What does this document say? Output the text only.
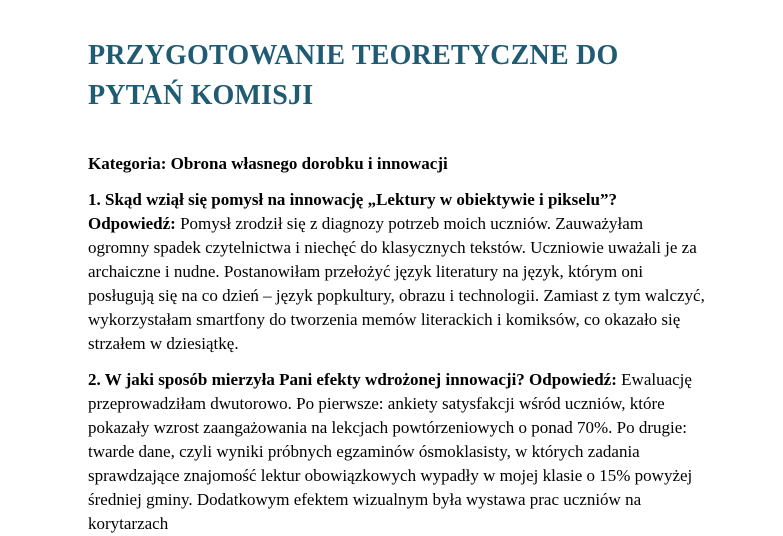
PRZYGOTOWANIE TEORETYCZNE DO PYTAŃ KOMISJI

Kategoria: Obrona własnego dorobku i innowacji

1. Skąd wziął się pomysł na innowację „Lektury w obiektywie i pikselu”? Odpowiedź: Pomysł zrodził się z diagnozy potrzeb moich uczniów. Zauważyłam ogromny spadek czytelnictwa i niechęć do klasycznych tekstów. Uczniowie uważali je za archaiczne i nudne. Postanowiłam przełożyć język literatury na język, którym oni posługują się na co dzień – język popkultury, obrazu i technologii. Zamiast z tym walczyć, wykorzystałam smartfony do tworzenia memów literackich i komiksów, co okazało się strzałem w dziesiątkę.

2. W jaki sposób mierzyła Pani efekty wdrożonej innowacji? Odpowiedź: Ewaluację przeprowadziłam dwutorowo. Po pierwsze: ankiety satysfakcji wśród uczniów, które pokazały wzrost zaangażowania na lekcjach powtórzeniowych o ponad 70%. Po drugie: twarde dane, czyli wyniki próbnych egzaminów ósmoklasisty, w których zadania sprawdzające znajomość lektur obowiązkowych wypadły w mojej klasie o 15% powyżej średniej gminy. Dodatkowym efektem wizualnym była wystawa prac uczniów na korytarzach
